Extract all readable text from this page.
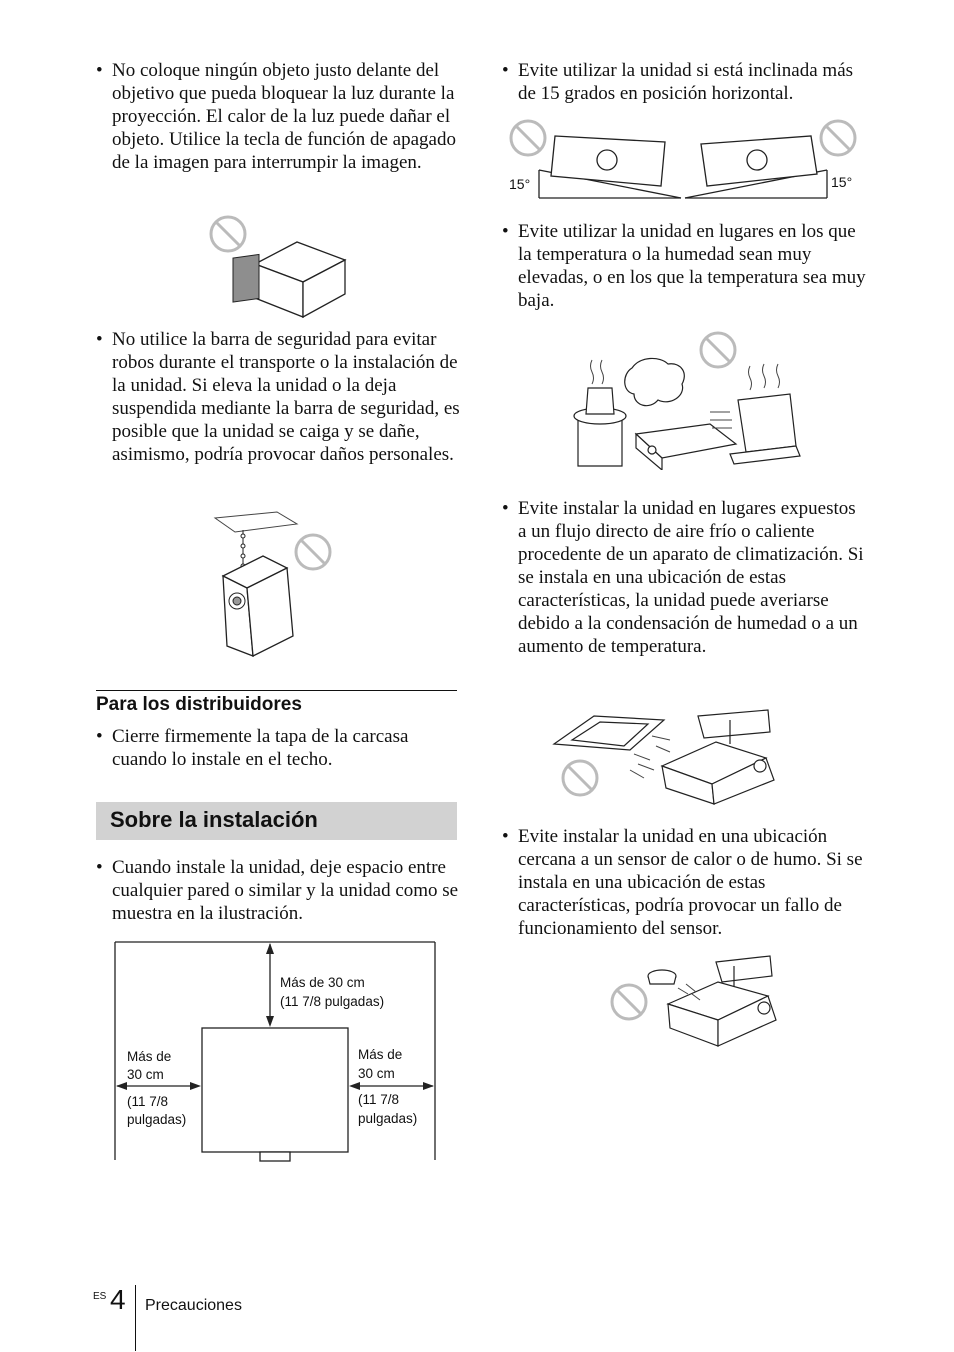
• No coloque ningún objeto justo delante del objetivo que pueda bloquear la luz durante la proyección. El calor de la luz puede dañar el objeto. Utilice la tecla de función de apagado de la imagen para interrumpir la imagen.
• No utilice la barra de seguridad para evitar robos durante el transporte o la instalación de la unidad. Si eleva la unidad o la deja suspendida mediante la barra de seguridad, es posible que la unidad se caiga y se dañe, asimismo, podría provocar daños personales.
Para los distribuidores
• Cierre firmemente la tapa de la carcasa cuando lo instale en el techo.
Sobre la instalación
• Cuando instale la unidad, deje espacio entre cualquier pared o similar y la unidad como se muestra en la ilustración.
Más de 30 cm
(11 7/8 pulgadas)
Más de
30 cm
(11 7/8
pulgadas)
Más de
30 cm
(11 7/8
pulgadas)
• Evite utilizar la unidad si está inclinada más de 15 grados en posición horizontal.
15°	15°
• Evite utilizar la unidad en lugares en los que la temperatura o la humedad sean muy elevadas, o en los que la temperatura sea muy baja.
• Evite instalar la unidad en lugares expuestos a un flujo directo de aire frío o caliente procedente de un aparato de climatización. Si se instala en una ubicación de estas características, la unidad puede averiarse debido a la condensación de humedad o a un aumento de temperatura.
• Evite instalar la unidad en una ubicación cercana a un sensor de calor o de humo. Si se instala en una ubicación de estas características, podría provocar un fallo de funcionamiento del sensor.
ES 4 Precauciones
